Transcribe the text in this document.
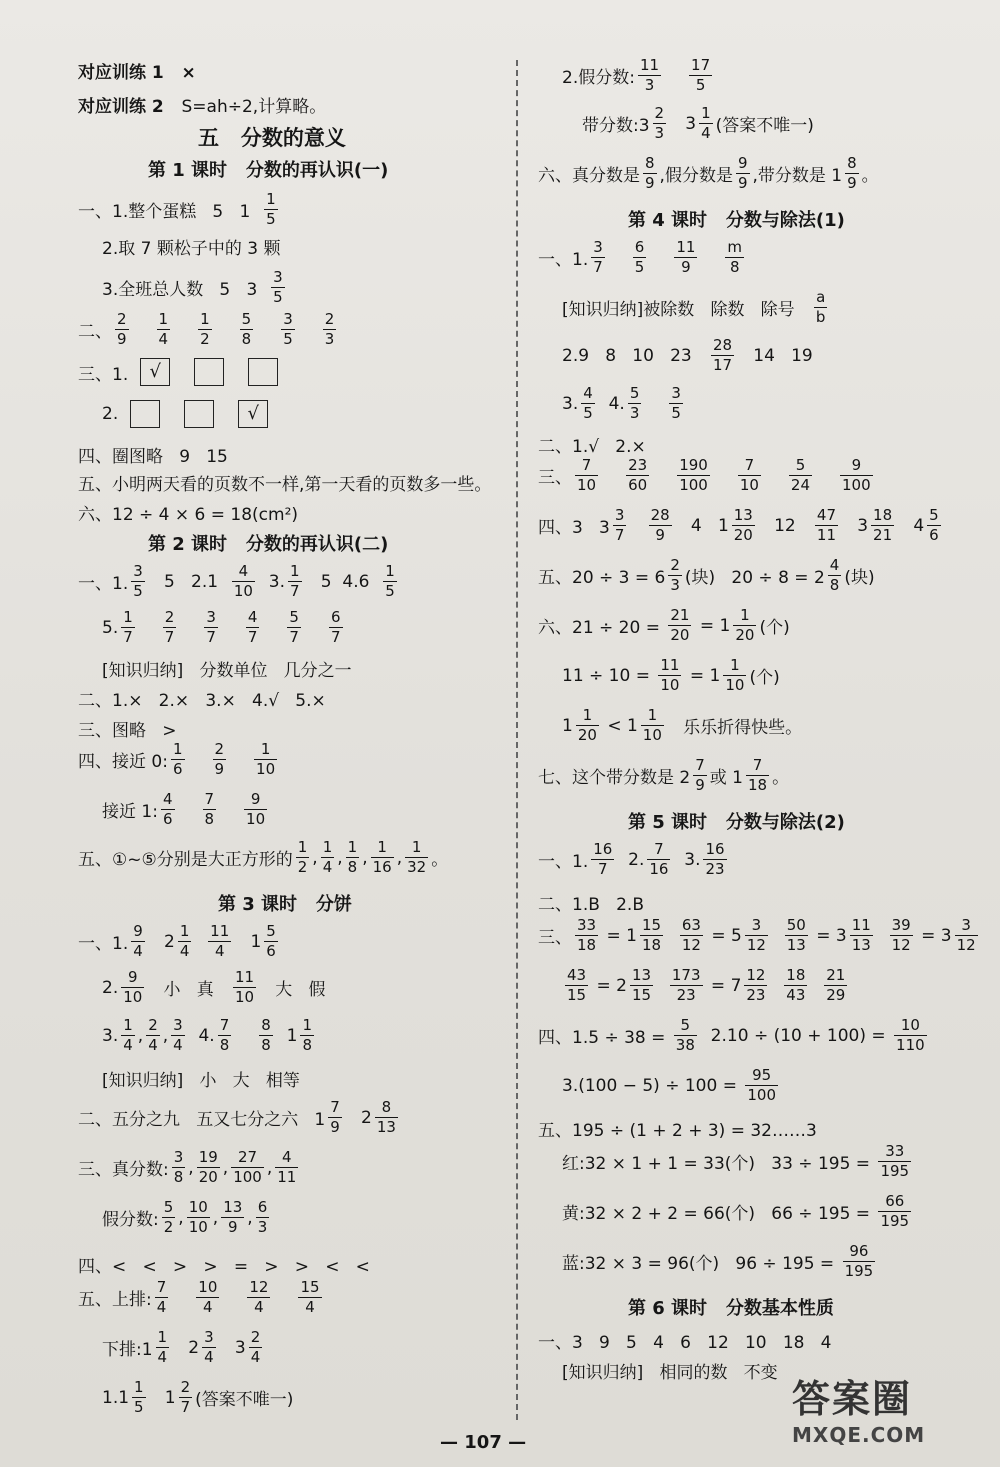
对应训练 1   ×
对应训练 2 S=ah÷2,计算略。
五   分数的意义
第 1 课时   分数的再认识(一)
一、1.整个蛋糕   5   1
1
5
2.取 7 颗松子中的 3 颗
3.全班总人数   5   3
3
5
二、
2
9
1
4
1
2
5
8
3
5
2
3
三、1.	√
2.	√
四、圈图略   9   15
五、小明两天看的页数不一样,第一天看的页数多一些。
六、12 ÷ 4 × 6 = 18(cm²)
第 2 课时   分数的再认识(二)
一、1.
3
5 5   2.1
4
10 3.
1
7 5  4.6
1
5
5.
1
7
2
7
3
7
4
7
5
7
6
7
[知识归纳]   分数单位   几分之一
二、1.×   2.×   3.×   4.√   5.×
三、图略   >
四、接近 0:
1
6
2
9
1
10
接近 1:
4
6
7
8
9
10
五、①~⑤分别是大正方形的
1
2 ,
1
4 ,
1
8 ,
1
16 ,
1
32 。
第 3 课时   分饼
一、1.
9
4 2
1
4

11
4 1
5
6
2.
9
10 小   真
11
10 大   假
3.
1
4 ,
2
4 ,
3
4 4.
7
8
8
8 1
1
8
[知识归纳]   小   大   相等
二、五分之九   五又七分之六   1
7
9 2
8
13
三、真分数:
3
8 ,
19
20 ,
27
100 ,
4
11
假分数:
5
2 ,
10
10 ,
13
9 ,
6
3
四、<   <   >   >   =   >   >   <   <
五、上排:
7
4
10
4
12
4
15
4
下排:1
1
4 2
3
4 3
2
4
1.1
1
5 1
2
7 (答案不唯一)
2.假分数:
11
3
17
5
带分数:3
2
3 3
1
4 (答案不唯一)
六、真分数是
8
9 ,假分数是
9
9 ,带分数是 1
8
9 。
第 4 课时   分数与除法(1)
一、1.
3
7
6
5
11
9
m
8
[知识归纳]被除数   除数   除号
a
b
2.9   8   10   23
28
17 14   19
3.
4
5 4.
5
3
3
5
二、1.√   2.×
三、
7
10
23
60
190
100
7
10
5
24
9
100
四、3   3
3
7

28
9 4   1
13
20 12
47
11 3
18
21 4
5
6
五、20 ÷ 3 = 6
2
3 (块)   20 ÷ 8 = 2
4
8 (块)
六、21 ÷ 20 =
21
20 = 1
1
20 (个)
11 ÷ 10 =
11
10 = 1
1
10 (个)
1
1
20 < 1
1
10 乐乐折得快些。
七、这个带分数是 2
7
9 或 1
7
18 。
第 5 课时   分数与除法(2)
一、1.
16
7 2.
7
16 3.
16
23
二、1.B   2.B
三、
33
18 = 1
15
18

63
12 = 5
3
12

50
13 = 3
11
13

39
12 = 3
3
12
43
15 = 2
13
15

173
23 = 7
12
23

18
43

21
29
四、1.5 ÷ 38 =
5
38 2.10 ÷ (10 + 100) =
10
110
3.(100 − 5) ÷ 100 =
95
100
五、195 ÷ (1 + 2 + 3) = 32……3
红:32 × 1 + 1 = 33(个)   33 ÷ 195 =
33
195
黄:32 × 2 + 2 = 66(个)   66 ÷ 195 =
66
195
蓝:32 × 3 = 96(个)   96 ÷ 195 =
96
195
第 6 课时   分数基本性质
一、3   9   5   4   6   12   10   18   4
[知识归纳]   相同的数   不变
— 107 —
答案圈
MXQE.COM
